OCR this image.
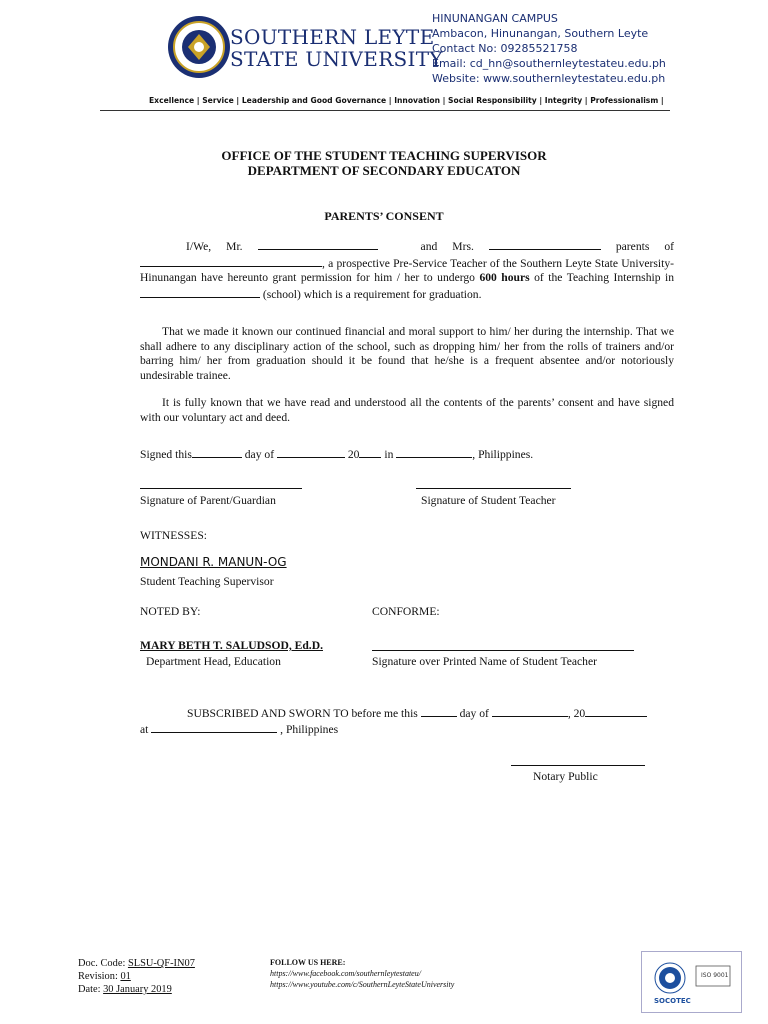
SOUTHERN LEYTE
STATE UNIVERSITY
HINUNANGAN CAMPUS
Ambacon, Hinunangan, Southern Leyte
Contact No: 09285521758
Email: cd_hn@southernleytestateu.edu.ph
Website: www.southernleytestateu.edu.ph
Excellence | Service | Leadership and Good Governance | Innovation | Social Responsibility | Integrity | Professionalism |
OFFICE OF THE STUDENT TEACHING SUPERVISOR
DEPARTMENT OF SECONDARY EDUCATON
PARENTS’ CONSENT
I/We, Mr.	and Mrs.	parents of , a prospective Pre-Service Teacher of the Southern Leyte State University- Hinunangan have hereunto grant permission for him / her to undergo 600 hours of the Teaching Internship in  (school) which is a requirement for graduation.
That we made it known our continued financial and moral support to him/ her during the internship. That we shall adhere to any disciplinary action of the school, such as dropping him/ her from the rolls of trainers and/or barring him/ her from graduation should it be found that he/she is a frequent absentee and/or notoriously undesirable trainee.
It is fully known that we have read and understood all the contents of the parents’ consent and have signed with our voluntary act and deed.
Signed this	day of	20 in	, Philippines.
Signature of Parent/Guardian	Signature of Student Teacher
WITNESSES:
MONDANI R. MANUN-OG
Student Teaching Supervisor
NOTED BY:	CONFORME:
MARY BETH T. SALUDSOD, Ed.D.
Department Head, Education	Signature over Printed Name of Student Teacher
SUBSCRIBED AND SWORN TO before me this	day of	, 20
at	, Philippines
Notary Public
Doc. Code: SLSU-QF-IN07
Revision: 01
Date: 30 January 2019
FOLLOW US HERE:
https://www.facebook.com/southernleytestateu/
https://www.youtube.com/c/SouthernLeyteStateUniversity
SOCOTEC
ISO 9001
